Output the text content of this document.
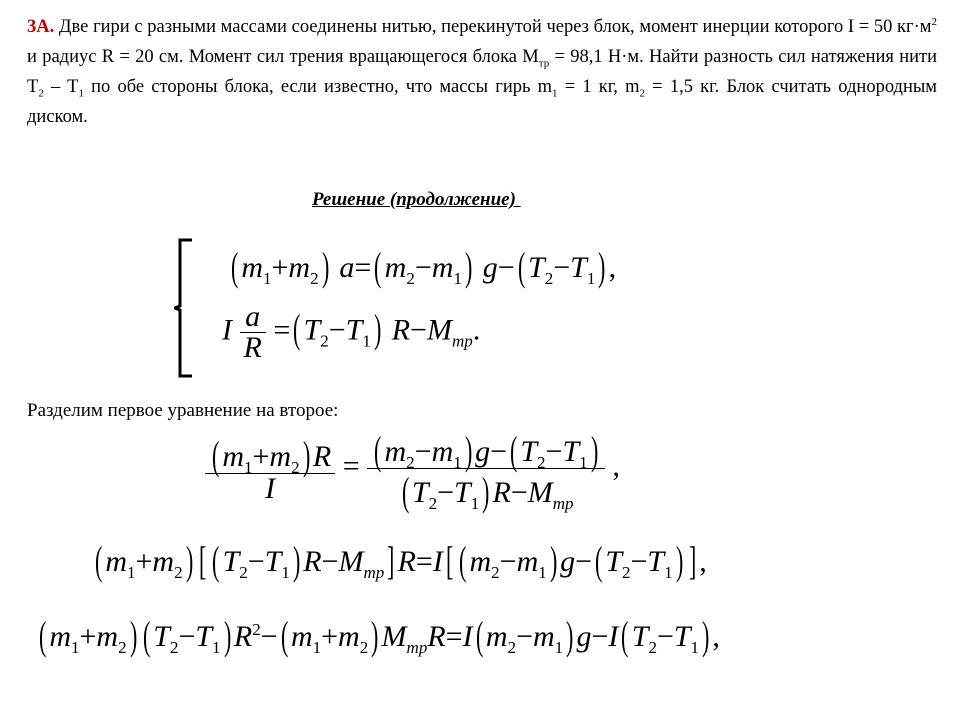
3А. Две гири с разными массами соединены нитью, перекинутой через блок, момент инерции которого I = 50 $кг\cdot м^2$ и радиус R = 20 см. Момент сил трения вращающегося блока $M_{тр} = 98,1$ Н·м. Найти разность сил натяжения нити $T_2 - T_1$ по обе стороны блока, если известно, что массы гирь $m_1 = 1$ кг, $m_2 = 1,5$ кг. Блок считать однородным диском.
Решение (продолжение)
$(m_1+m_2)$ $a=(m_2-m_1)$ $g-(T_2-T_1)$,
I $\frac{a}{R} =(T_2-T_1)$ $R-M_{тр}$.
Разделим первое уравнение на второе:
$\frac{(m_1+m_2)R}{I} = \frac{(m_2-m_1)g-(T_2-T_1)}{(T_2-T_1)R-M_{тр}}$ ,
$(m_1+m_2)$ [ $(T_2-T_1)R-M_{тр}]R=I$[ $(m_2-m_1)g-(T_2-T_1)$ ],
$(m_1+m_2)$ $(T_2-T_1)R^2-(m_1+m_2)M_{тр}R=I(m_2-m_1)g-I(T_2-T_1)$,
